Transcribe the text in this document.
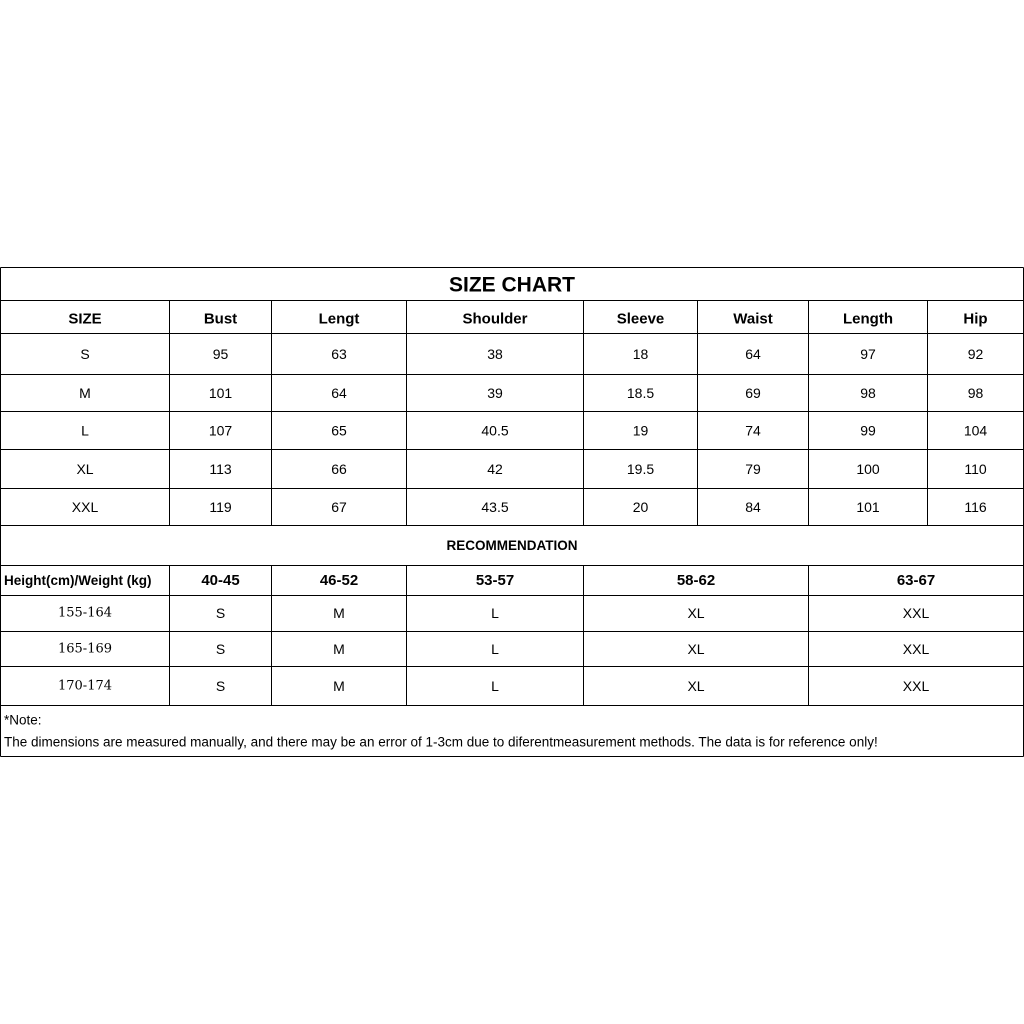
SIZE CHART
SIZE	Bust	Lengt	Shoulder	Sleeve	Waist	Length	Hip
S	95	63	38	18	64	97	92
M	101	64	39	18.5	69	98	98
L	107	65	40.5	19	74	99	104
XL	113	66	42	19.5	79	100	110
XXL	119	67	43.5	20	84	101	116
RECOMMENDATION
Height(cm)/Weight (kg)	40-45	46-52	53-57	58-62	63-67
155-164	S	M	L	XL	XXL
165-169	S	M	L	XL	XXL
170-174	S	M	L	XL	XXL
*Note:
The dimensions are measured manually, and there may be an error of 1-3cm due to diferentmeasurement methods. The data is for reference only!
